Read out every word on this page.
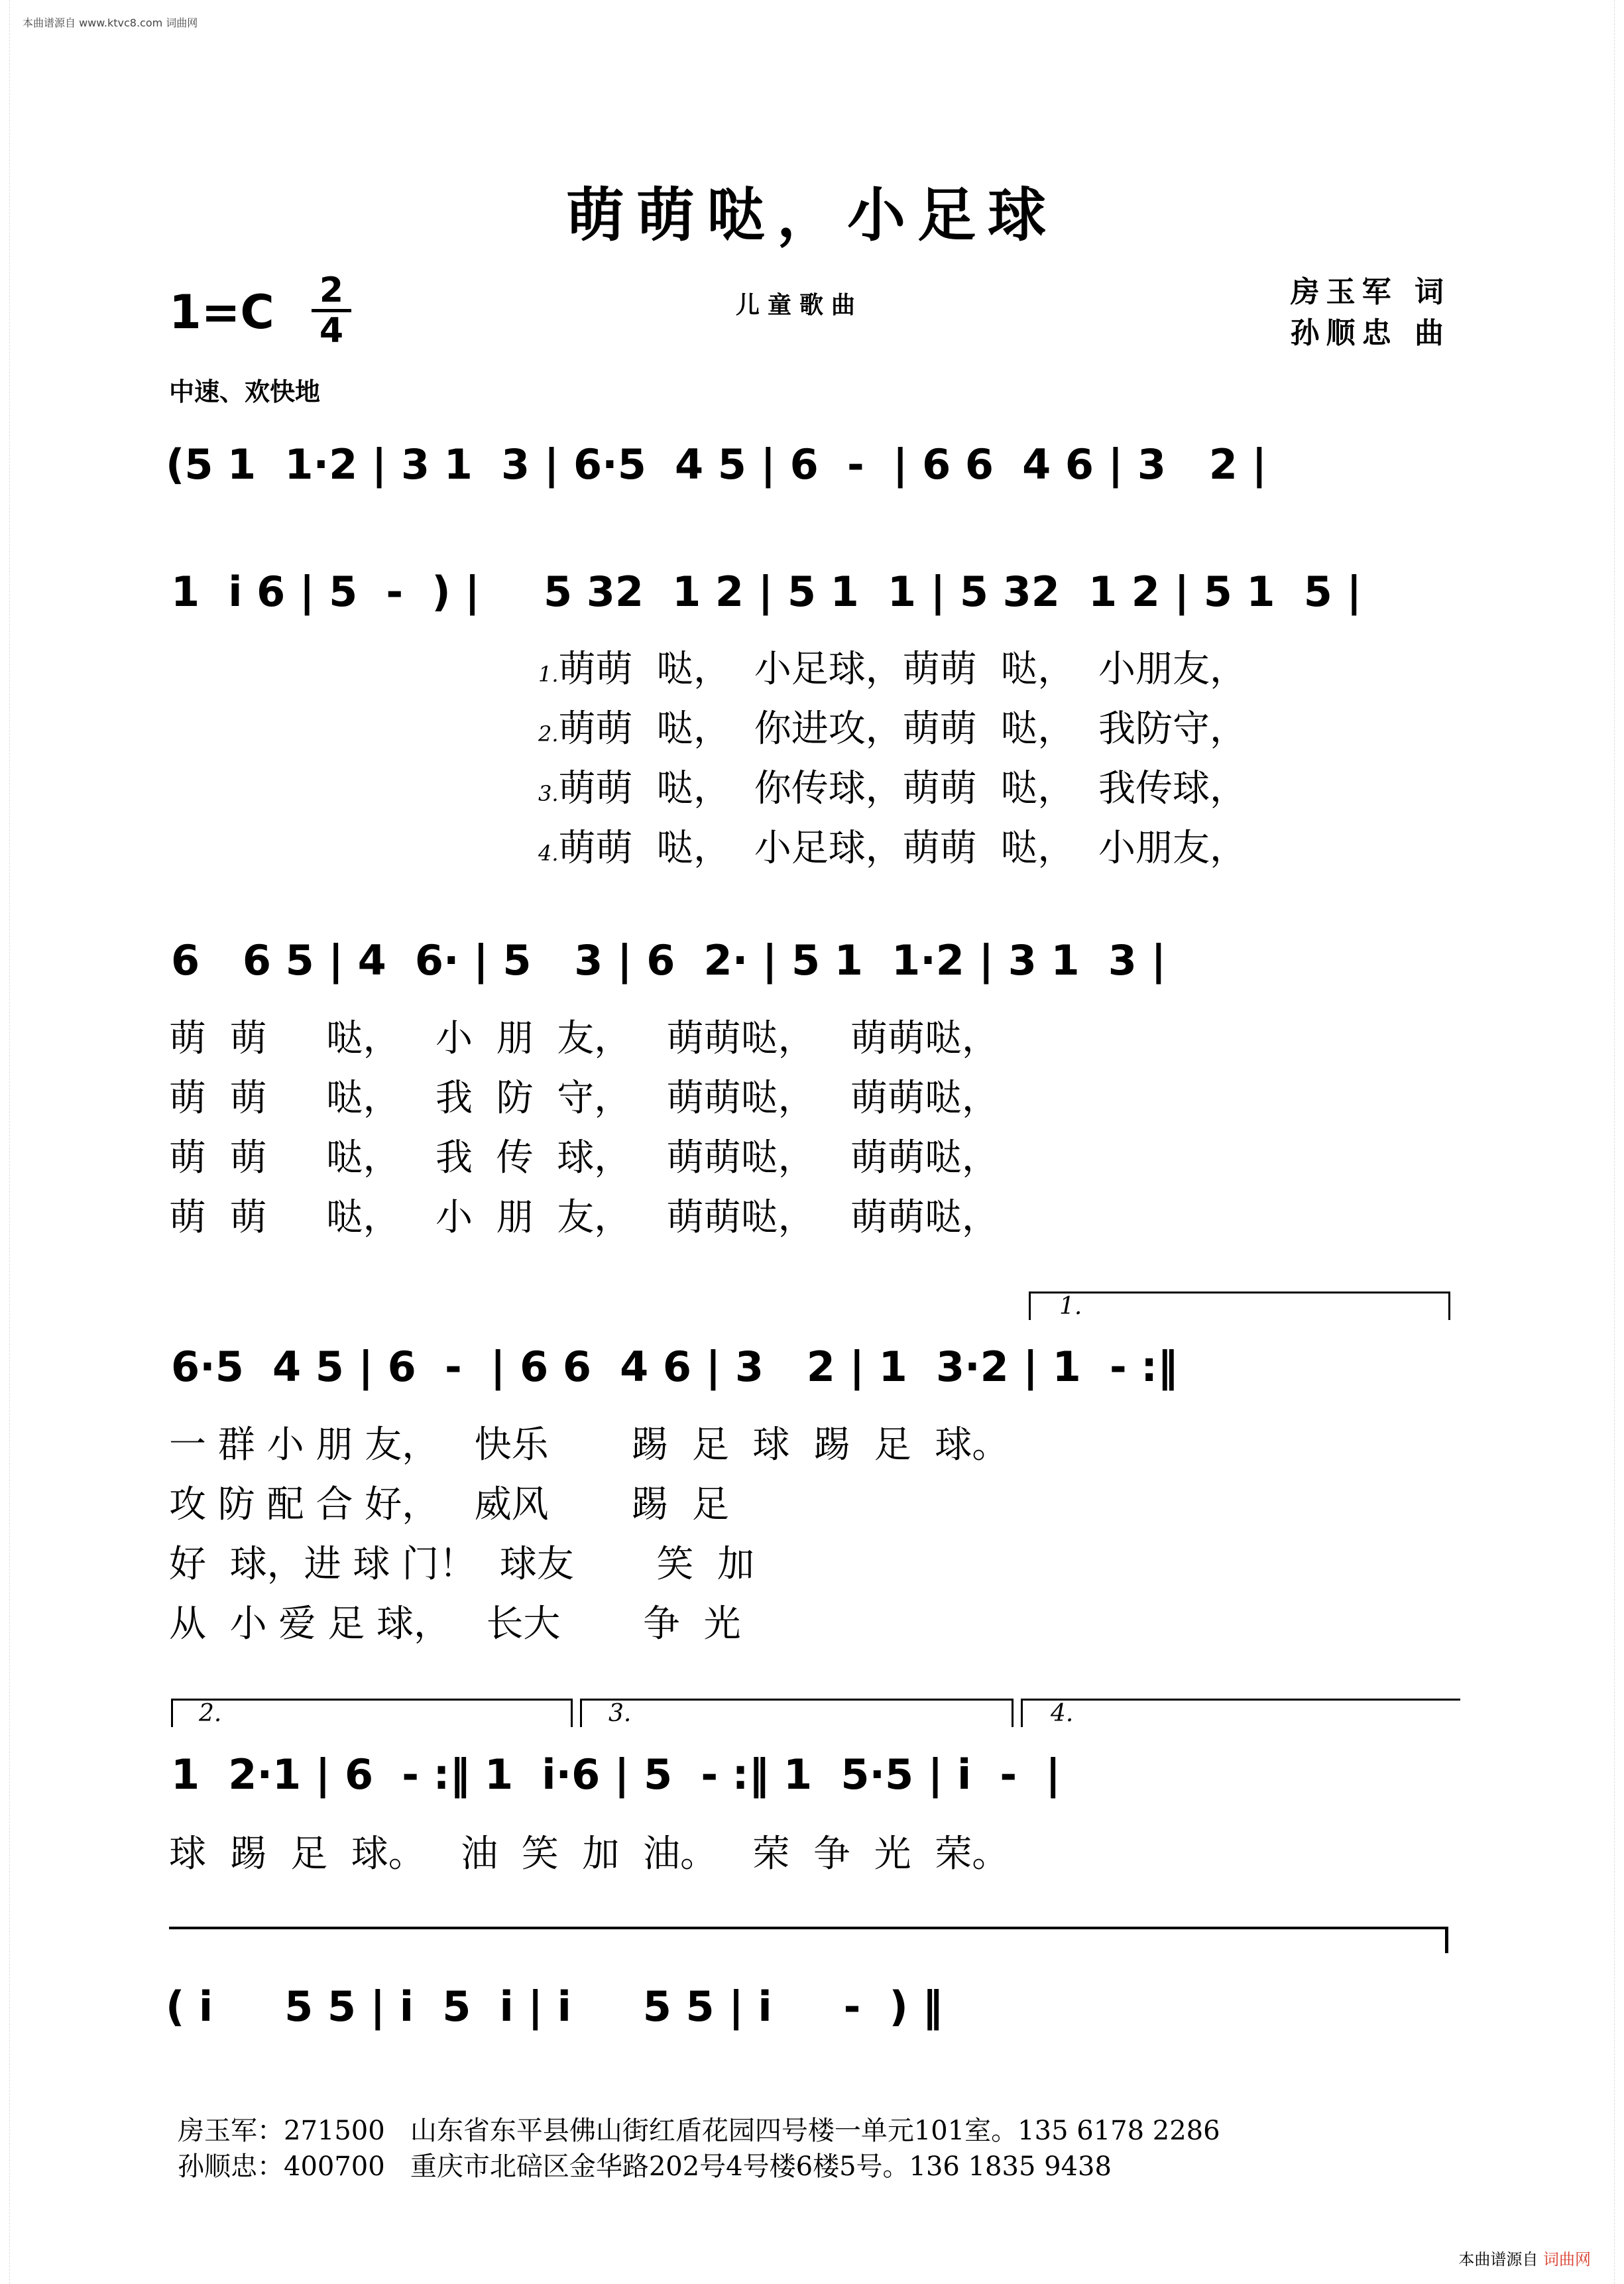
本曲谱源自 www.ktvc8.com 词曲网
萌萌哒，小足球
1=C 2
4
儿童歌曲	房玉军 词
孙顺忠 曲
中速、欢快地
(5 1  1·2 | 3 1  3 | 6·5  4 5 | 6  -  | 6 6  4 6 | 3   2 |
1  i 6 | 5  -  ) | 5 32  1 2 | 5 1  1 | 5 32  1 2 | 5 1  5 |
1.萌萌  哒，  小足球，萌萌  哒，  小朋友，
2.萌萌  哒，  你进攻，萌萌  哒，  我防守，
3.萌萌  哒，  你传球，萌萌  哒，  我传球，
4.萌萌  哒，  小足球，萌萌  哒，  小朋友，
6   6 5 | 4  6· | 5   3 | 6  2· | 5 1  1·2 | 3 1  3 |
萌  萌     哒，   小  朋  友，   萌萌哒，   萌萌哒，
萌  萌     哒，   我  防  守，   萌萌哒，   萌萌哒，
萌  萌     哒，   我  传  球，   萌萌哒，   萌萌哒，
萌  萌     哒，   小  朋  友，   萌萌哒，   萌萌哒，
1.
6·5  4 5 | 6  -  | 6 6  4 6 | 3   2 | 1  3·2 | 1  - :‖
一 群 小 朋 友，   快乐       踢  足  球  踢  足  球。
攻 防 配 合 好，   威风       踢  足
好  球，进 球 门！  球友       笑  加
从  小 爱 足 球，   长大       争  光
2.	3.	4.
1  2·1 | 6  - :‖ 1  i·6 | 5  - :‖ 1  5·5 | i  -  |
球  踢  足  球。   油  笑  加  油。   荣  争  光  荣。
( i     5 5 | i  5  i | i     5 5 | i     -  ) ‖
房玉军：271500   山东省东平县佛山街红盾花园四号楼一单元101室。135 6178 2286
孙顺忠：400700   重庆市北碚区金华路202号4号楼6楼5号。136 1835 9438
本曲谱源自 词曲网
